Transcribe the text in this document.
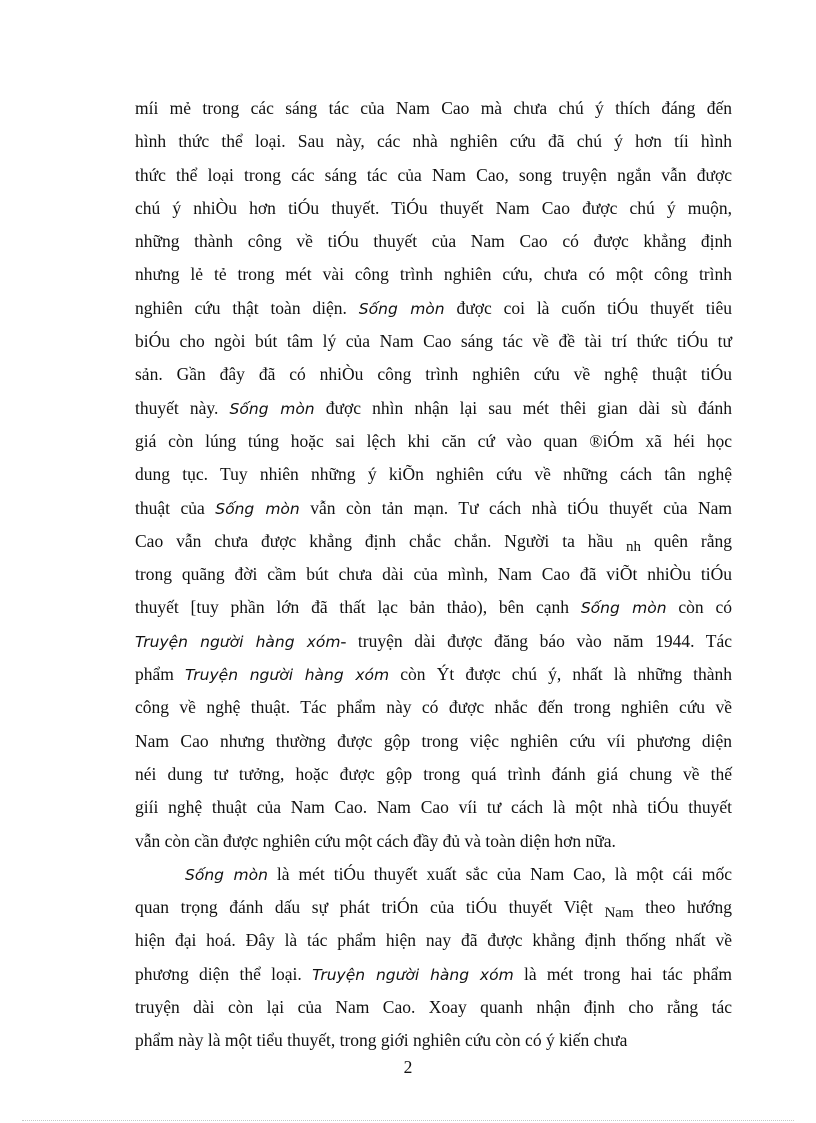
míi mẻ trong các sáng tác của Nam Cao mà chưa chú ý thích đáng đến
hình thức thể loại. Sau này, các nhà nghiên cứu đã chú ý hơn tíi hình
thức thể loại trong các sáng tác của Nam Cao, song truyện ngắn vẫn được
chú ý nhiÒu hơn tiÓu thuyết. TiÓu thuyết Nam Cao được chú ý muộn,
những thành công về tiÓu thuyết của Nam Cao có được khẳng định
nhưng lẻ tẻ trong mét vài công trình nghiên cứu, chưa có một công trình
nghiên cứu thật toàn diện. Sống mòn được coi là cuốn tiÓu thuyết tiêu
biÓu cho ngòi bút tâm lý của Nam Cao sáng tác về đề tài trí thức tiÓu tư
sản. Gần đây đã có nhiÒu công trình nghiên cứu về nghệ thuật tiÓu
thuyết này. Sống mòn được nhìn nhận lại sau mét thêi gian dài sù đánh
giá còn lúng túng hoặc sai lệch khi căn cứ vào quan ®iÓm xã héi học
dung tục. Tuy nhiên những ý kiÕn nghiên cứu về những cách tân nghệ
thuật của Sống mòn vẫn còn tản mạn. Tư cách nhà tiÓu thuyết của Nam
Cao vẫn chưa được khẳng định chắc chắn. Người ta hầu nh quên rằng
trong quãng đời cầm bút chưa dài của mình, Nam Cao đã viÕt nhiÒu tiÓu
thuyết [tuy phần lớn đã thất lạc bản thảo), bên cạnh Sống mòn còn có
Truyện người hàng xóm- truyện dài được đăng báo vào năm 1944. Tác
phẩm Truyện người hàng xóm còn Ýt được chú ý, nhất là những thành
công về nghệ thuật. Tác phẩm này có được nhắc đến trong nghiên cứu về
Nam Cao nhưng thường được gộp trong việc nghiên cứu víi phương diện
néi dung tư tưởng, hoặc được gộp trong quá trình đánh giá chung về thế
giíi nghệ thuật của Nam Cao. Nam Cao víi tư cách là một nhà tiÓu thuyết
vẫn còn cần được nghiên cứu một cách đầy đủ và toàn diện hơn nữa.
Sống mòn là mét tiÓu thuyết xuất sắc của Nam Cao, là một cái mốc
quan trọng đánh dấu sự phát triÓn của tiÓu thuyết Việt Nam theo hướng
hiện đại hoá. Đây là tác phẩm hiện nay đã được khẳng định thống nhất về
phương diện thể loại. Truyện người hàng xóm là mét trong hai tác phẩm
truyện dài còn lại của Nam Cao. Xoay quanh nhận định cho rằng tác
phẩm này là một tiểu thuyết, trong giới nghiên cứu còn có ý kiến chưa
2
